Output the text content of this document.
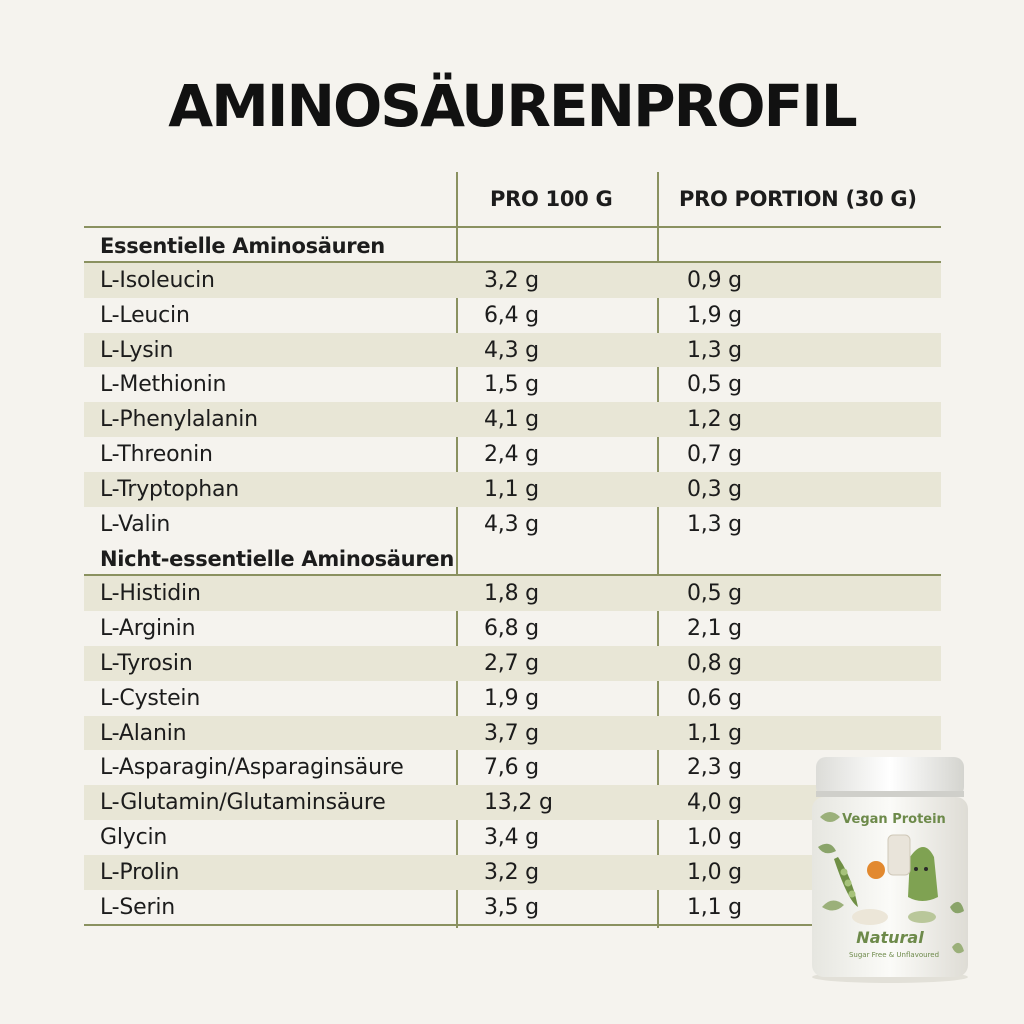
AMINOSÄURENPROFIL
PRO 100 G	PRO PORTION (30 G)
Essentielle Aminosäuren
L-Isoleucin	3,2 g	0,9 g
L-Leucin	6,4 g	1,9 g
L-Lysin	4,3 g	1,3 g
L-Methionin	1,5 g	0,5 g
L-Phenylalanin	4,1 g	1,2 g
L-Threonin	2,4 g	0,7 g
L-Tryptophan	1,1 g	0,3 g
L-Valin	4,3 g	1,3 g
Nicht-essentielle Aminosäuren
L-Histidin	1,8 g	0,5 g
L-Arginin	6,8 g	2,1 g
L-Tyrosin	2,7 g	0,8 g
L-Cystein	1,9 g	0,6 g
L-Alanin	3,7 g	1,1 g
L-Asparagin/Asparaginsäure	7,6 g	2,3 g
L-Glutamin/Glutaminsäure	13,2 g	4,0 g
Glycin	3,4 g	1,0 g
L-Prolin	3,2 g	1,0 g
L-Serin	3,5 g	1,1 g
Vegan Protein
Natural
Sugar Free & Unflavoured
